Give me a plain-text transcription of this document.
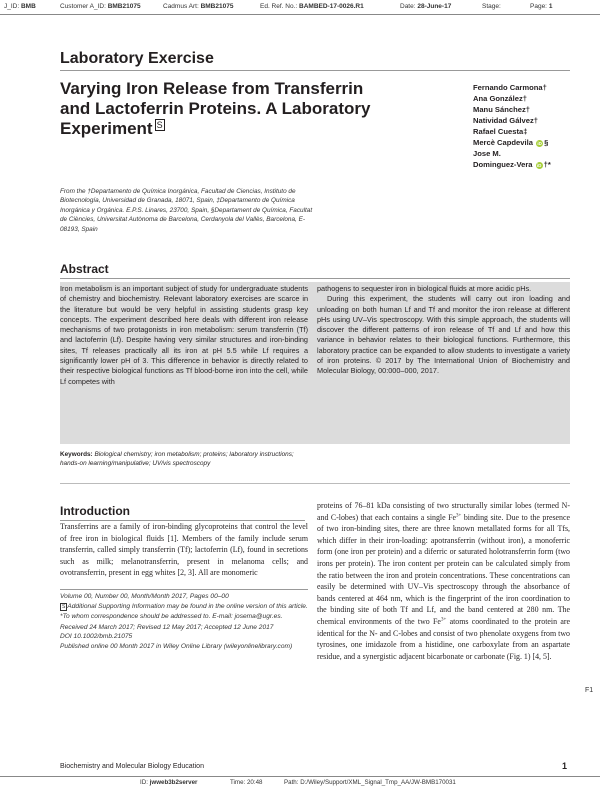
J_ID: BMB	Customer A_ID: BMB21075	Cadmus Art: BMB21075	Ed. Ref. No.: BAMBED-17-0026.R1	Date: 28-June-17	Stage:	Page: 1
Laboratory Exercise
Varying Iron Release from Transferrin and Lactoferrin Proteins. A Laboratory Experiment S
Fernando Carmona†
Ana González†
Manu Sánchez†
Natividad Gálvez†
Rafael Cuesta‡
Mercè Capdevila iD §
Jose M.
Dominguez-Vera iD †*
From the †Departamento de Química Inorgánica, Facultad de Ciencias, Instituto de Biotecnología, Universidad de Granada, 18071, Spain, ‡Departamento de Química Inorgánica y Orgánica. E.P.S. Linares, 23700, Spain, §Departament de Química, Facultat de Ciències, Universitat Autònoma de Barcelona, Cerdanyola del Vallès, Barcelona, E-08193, Spain
Abstract

Iron metabolism is an important subject of study for undergraduate students of chemistry and biochemistry. Relevant laboratory exercises are scarce in the literature but would be very helpful in assisting students grasp key concepts. The experiment described here deals with different iron release mechanisms of two protagonists in iron metabolism: serum transferrin (Tf) and lactoferrin (Lf). Despite having very similar structures and iron-binding sites, Tf releases practically all its iron at pH 5.5 while Lf requires a significantly lower pH of 3. This difference in behavior is directly related to their respective biological functions as Tf blood-borne iron into the cell, while Lf competes with

pathogens to sequester iron in biological fluids at more acidic pHs.

During this experiment, the students will carry out iron loading and unloading on both human Lf and Tf and monitor the iron release at different pHs using UV–Vis spectroscopy. With this simple approach, the students will discover the different patterns of iron release of Tf and Lf and how this variance in behavior relates to their biological functions. Furthermore, this laboratory practice can be expanded to allow students to investigate a variety of iron proteins. © 2017 by The International Union of Biochemistry and Molecular Biology, 00:000–000, 2017.

Keywords: Biological chemistry; iron metabolism; proteins; laboratory instructions; hands-on learning/manipulative; UV/vis spectroscopy
Introduction
Transferrins are a family of iron-binding glycoproteins that control the level of free iron in biological fluids [1]. Members of the family include serum transferrin, called simply transferrin (Tf); lactoferrin (Lf), found in secretions such as milk; melanotransferrin, present in melanoma cells; and ovotransferrin, present in egg whites [2, 3]. All are monomeric
proteins of 76–81 kDa consisting of two structurally similar lobes (termed N- and C-lobes) that each contains a single $Fe^{3+}$ binding site. Due to the presence of two iron-binding sites, there are three known metallated forms for all Tfs, which differ in their iron-loading: apotransferrin (without iron), a monoferric form (one iron per protein) and a diferric or saturated holotransferrin form (two irons per protein). The iron content per protein can be calculated simply from the ratio between the iron and protein concentrations. These concentrations can easily be determined with UV–Vis spectroscopy through the absorbance of bands centered at 464 nm, which is the fingerprint of the iron coordination to the binding site of both Tf and Lf, and the band centered at 280 nm. The chemical environments of the two $Fe^{3+}$ atoms coordinated to the protein are identical for the N- and C-lobes and consist of two phenolate oxygens from two tyrosines, one imidazole from a histidine, one carboxylate from an aspartate residue, and a synergistic adjacent bicarbonate or carbonate (Fig. 1) [4, 5].

Volume 00, Number 00, Month/Month 2017, Pages 00–00

S Additional Supporting Information may be found in the online version of this article.

*To whom correspondence should be addressed to. E-mail: josema@ugr.es.

Received 24 March 2017; Revised 12 May 2017; Accepted 12 June 2017

DOI 10.1002/bmb.21075

Published online 00 Month 2017 in Wiley Online Library (wileyonlinelibrary.com)

F1
Biochemistry and Molecular Biology Education	1
ID: jwweb3b2server	Time: 20:48	Path: D:/Wiley/Support/XML_Signal_Tmp_AA/JW-BMB170031
